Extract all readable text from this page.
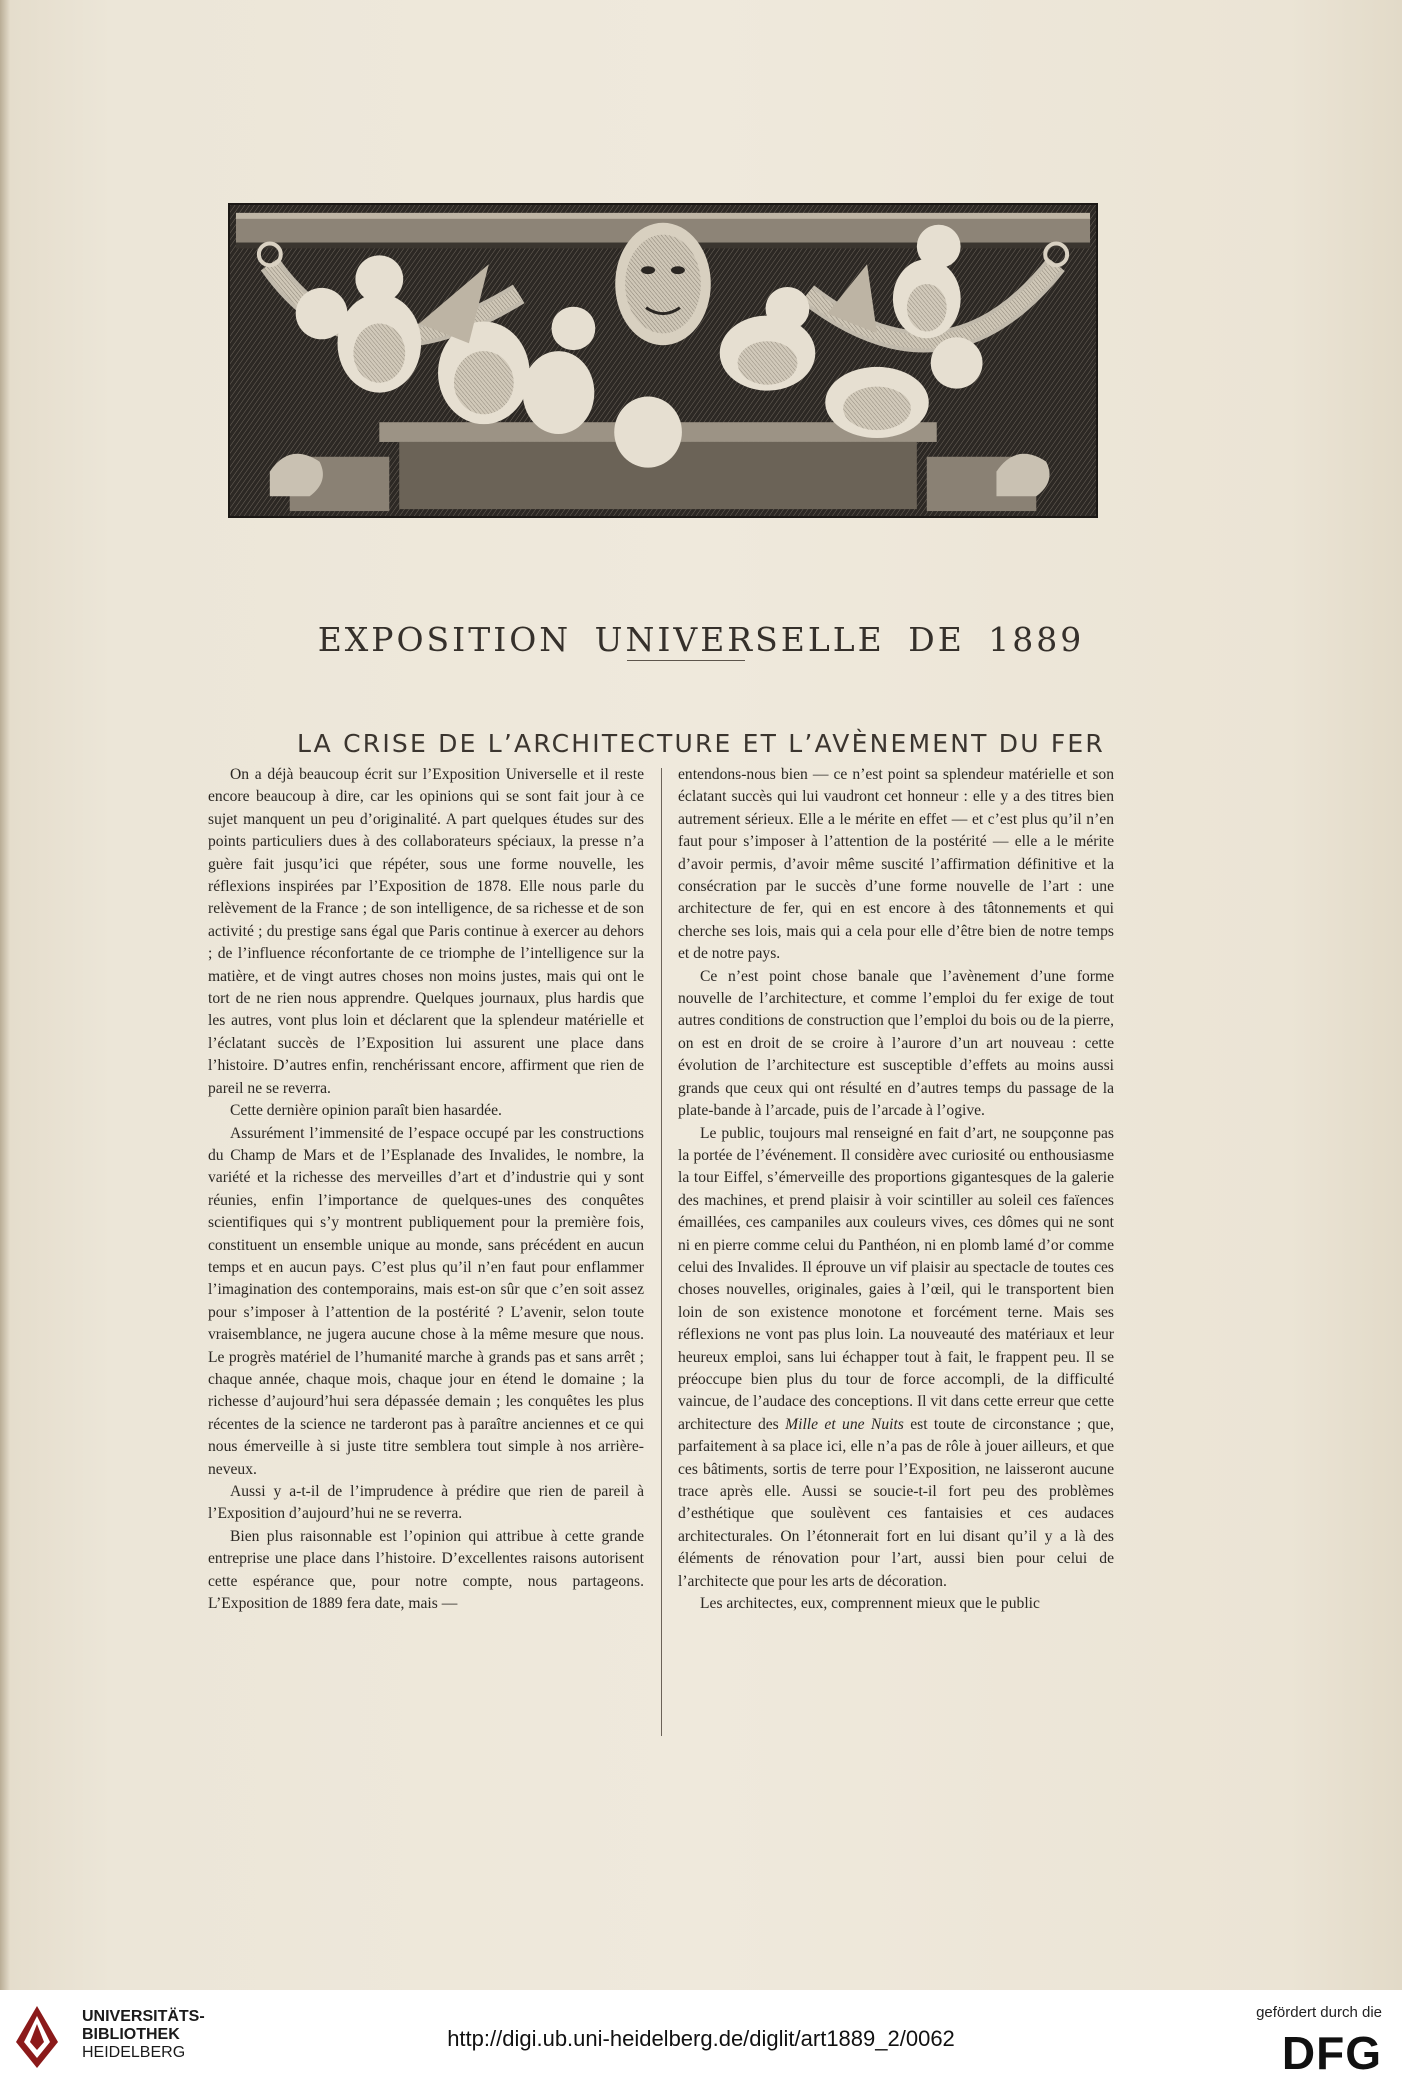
EXPOSITION UNIVERSELLE DE 1889
LA CRISE DE L’ARCHITECTURE ET L’AVÈNEMENT DU FER

On a déjà beaucoup écrit sur l’Exposition Universelle et il reste encore beaucoup à dire, car les opinions qui se sont fait jour à ce sujet manquent un peu d’originalité. A part quelques études sur des points particuliers dues à des collaborateurs spéciaux, la presse n’a guère fait jusqu’ici que répéter, sous une forme nouvelle, les réflexions inspirées par l’Exposition de 1878. Elle nous parle du relèvement de la France ; de son intelligence, de sa richesse et de son activité ; du prestige sans égal que Paris continue à exercer au dehors ; de l’influence réconfortante de ce triomphe de l’intelligence sur la matière, et de vingt autres choses non moins justes, mais qui ont le tort de ne rien nous apprendre. Quelques journaux, plus hardis que les autres, vont plus loin et déclarent que la splendeur matérielle et l’éclatant succès de l’Exposition lui assurent une place dans l’histoire. D’autres enfin, renchérissant encore, affirment que rien de pareil ne se reverra.

Cette dernière opinion paraît bien hasardée.

Assurément l’immensité de l’espace occupé par les constructions du Champ de Mars et de l’Esplanade des Invalides, le nombre, la variété et la richesse des merveilles d’art et d’industrie qui y sont réunies, enfin l’importance de quelques-unes des conquêtes scientifiques qui s’y montrent publiquement pour la première fois, constituent un ensemble unique au monde, sans précédent en aucun temps et en aucun pays. C’est plus qu’il n’en faut pour enflammer l’imagination des contemporains, mais est-on sûr que c’en soit assez pour s’imposer à l’attention de la postérité ? L’avenir, selon toute vraisemblance, ne jugera aucune chose à la même mesure que nous. Le progrès matériel de l’humanité marche à grands pas et sans arrêt ; chaque année, chaque mois, chaque jour en étend le domaine ; la richesse d’aujourd’hui sera dépassée demain ; les conquêtes les plus récentes de la science ne tarderont pas à paraître anciennes et ce qui nous émerveille à si juste titre semblera tout simple à nos arrière-neveux.

Aussi y a-t-il de l’imprudence à prédire que rien de pareil à l’Exposition d’aujourd’hui ne se reverra.

Bien plus raisonnable est l’opinion qui attribue à cette grande entreprise une place dans l’histoire. D’excellentes raisons autorisent cette espérance que, pour notre compte, nous partageons. L’Exposition de 1889 fera date, mais —

entendons-nous bien — ce n’est point sa splendeur matérielle et son éclatant succès qui lui vaudront cet honneur : elle y a des titres bien autrement sérieux. Elle a le mérite en effet — et c’est plus qu’il n’en faut pour s’imposer à l’attention de la postérité — elle a le mérite d’avoir permis, d’avoir même suscité l’affirmation définitive et la consécration par le succès d’une forme nouvelle de l’art : une architecture de fer, qui en est encore à des tâtonnements et qui cherche ses lois, mais qui a cela pour elle d’être bien de notre temps et de notre pays.

Ce n’est point chose banale que l’avènement d’une forme nouvelle de l’architecture, et comme l’emploi du fer exige de tout autres conditions de construction que l’emploi du bois ou de la pierre, on est en droit de se croire à l’aurore d’un art nouveau : cette évolution de l’architecture est susceptible d’effets au moins aussi grands que ceux qui ont résulté en d’autres temps du passage de la plate-bande à l’arcade, puis de l’arcade à l’ogive.

Le public, toujours mal renseigné en fait d’art, ne soupçonne pas la portée de l’événement. Il considère avec curiosité ou enthousiasme la tour Eiffel, s’émerveille des proportions gigantesques de la galerie des machines, et prend plaisir à voir scintiller au soleil ces faïences émaillées, ces campaniles aux couleurs vives, ces dômes qui ne sont ni en pierre comme celui du Panthéon, ni en plomb lamé d’or comme celui des Invalides. Il éprouve un vif plaisir au spectacle de toutes ces choses nouvelles, originales, gaies à l’œil, qui le transportent bien loin de son existence monotone et forcément terne. Mais ses réflexions ne vont pas plus loin. La nouveauté des matériaux et leur heureux emploi, sans lui échapper tout à fait, le frappent peu. Il se préoccupe bien plus du tour de force accompli, de la difficulté vaincue, de l’audace des conceptions. Il vit dans cette erreur que cette architecture des Mille et une Nuits est toute de circonstance ; que, parfaitement à sa place ici, elle n’a pas de rôle à jouer ailleurs, et que ces bâtiments, sortis de terre pour l’Exposition, ne laisseront aucune trace après elle. Aussi se soucie-t-il fort peu des problèmes d’esthétique que soulèvent ces fantaisies et ces audaces architecturales. On l’étonnerait fort en lui disant qu’il y a là des éléments de rénovation pour l’art, aussi bien pour celui de l’architecte que pour les arts de décoration.

Les architectes, eux, comprennent mieux que le public

UNIVERSITÄTS-
BIBLIOTHEK
HEIDELBERG
http://digi.ub.uni-heidelberg.de/diglit/art1889_2/0062
gefördert durch die
DFG
